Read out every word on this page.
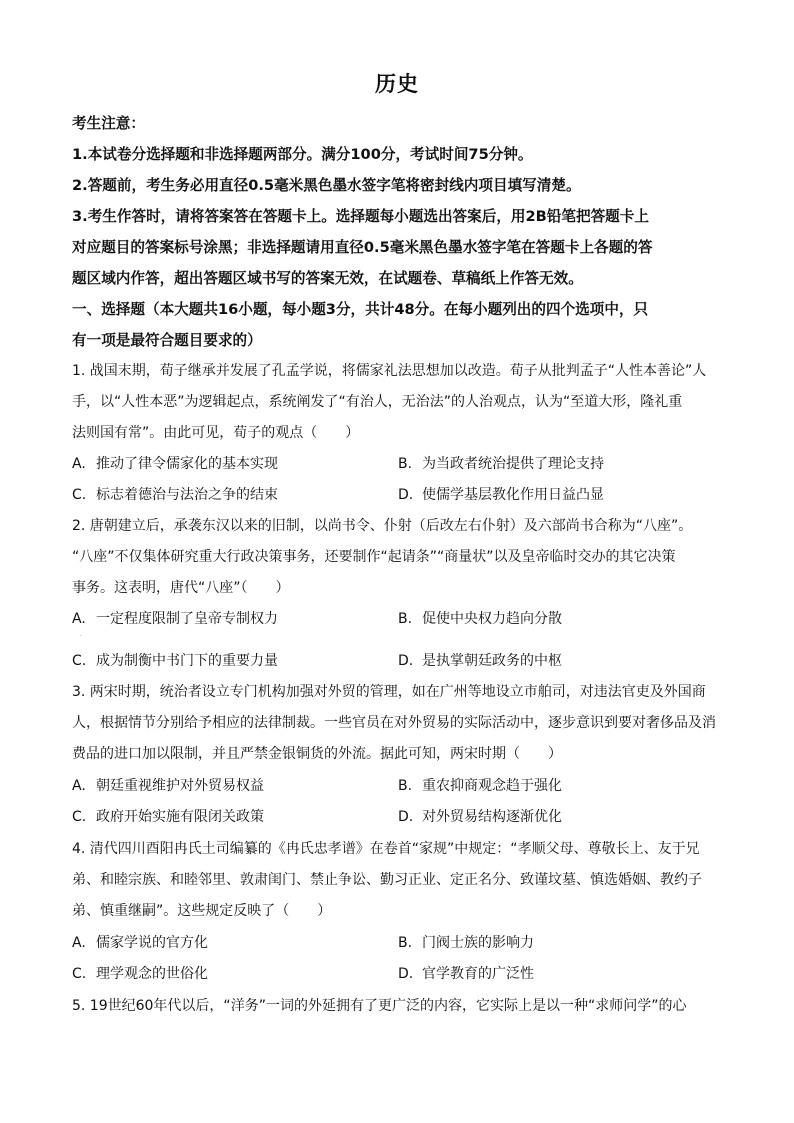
历史
考生注意：
1.本试卷分选择题和非选择题两部分。满分100分，考试时间75分钟。
2.答题前，考生务必用直径0.5毫米黑色墨水签字笔将密封线内项目填写清楚。
3.考生作答时，请将答案答在答题卡上。选择题每小题选出答案后，用2B铅笔把答题卡上
对应题目的答案标号涂黑；非选择题请用直径0.5毫米黑色墨水签字笔在答题卡上各题的答
题区域内作答，超出答题区域书写的答案无效，在试题卷、草稿纸上作答无效。
一、选择题（本大题共16小题，每小题3分，共计48分。在每小题列出的四个选项中，只
有一项是最符合题目要求的）
1. 战国末期，荀子继承并发展了孔孟学说，将儒家礼法思想加以改造。荀子从批判孟子“人性本善论”人
手，以“人性本恶”为逻辑起点，系统阐发了“有治人，无治法”的人治观点，认为“至道大形，隆礼重
法则国有常”。由此可见，荀子的观点（　　）
A. 推动了律令儒家化的基本实现	B. 为当政者统治提供了理论支持
C. 标志着德治与法治之争的结束	D. 使儒学基层教化作用日益凸显
2. 唐朝建立后，承袭东汉以来的旧制，以尚书令、仆射（后改左右仆射）及六部尚书合称为“八座”。
“八座”不仅集体研究重大行政决策事务，还要制作“起请条”“商量状”以及皇帝临时交办的其它决策
事务。这表明，唐代“八座”（　　）
A. 一定程度限制了皇帝专制权力	B. 促使中央权力趋向分散
.
C. 成为制衡中书门下的重要力量	D. 是执掌朝廷政务的中枢
3. 两宋时期，统治者设立专门机构加强对外贸的管理，如在广州等地设立市舶司，对违法官吏及外国商
人，根据情节分别给予相应的法律制裁。一些官员在对外贸易的实际活动中，逐步意识到要对奢侈品及消
费品的进口加以限制，并且严禁金银铜货的外流。据此可知，两宋时期（　　）
A. 朝廷重视维护对外贸易权益	B. 重农抑商观念趋于强化
C. 政府开始实施有限闭关政策	D. 对外贸易结构逐渐优化
4. 清代四川酉阳冉氏土司编纂的《冉氏忠孝谱》在卷首“家规”中规定：“孝顺父母、尊敬长上、友于兄
弟、和睦宗族、和睦邻里、敦肃闺门、禁止争讼、勤习正业、定正名分、致谨坟墓、慎选婚姻、教约子
弟、慎重继嗣”。这些规定反映了（　　）
A. 儒家学说的官方化	B. 门阀士族的影响力
C. 理学观念的世俗化	D. 官学教育的广泛性
5. 19世纪60年代以后，“洋务”一词的外延拥有了更广泛的内容，它实际上是以一种“求师问学”的心
